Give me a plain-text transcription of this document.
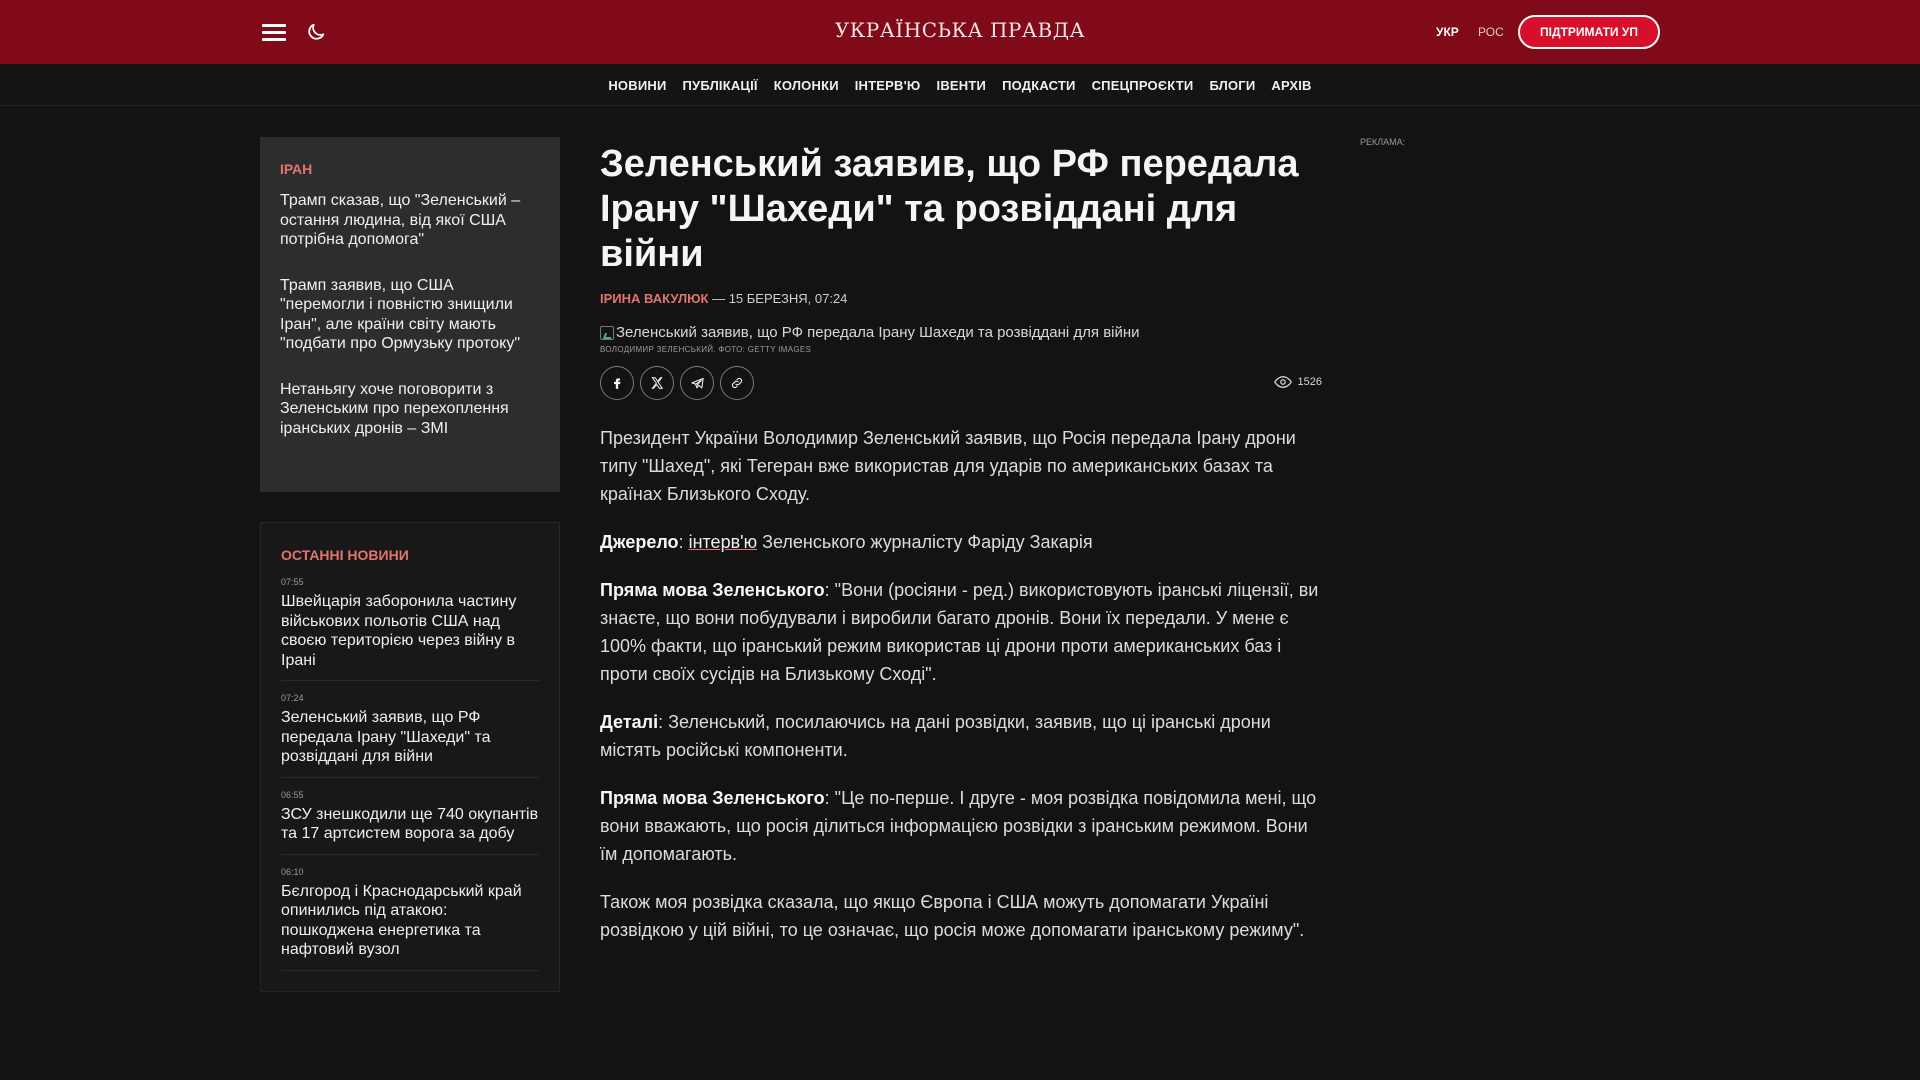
УКРАЇНСЬКА ПРАВДА	УКР РОС	ПІДТРИМАТИ УП
НОВИНИ ПУБЛІКАЦІЇ КОЛОНКИ ІНТЕРВ'Ю ІВЕНТИ ПОДКАСТИ СПЕЦПРОЄКТИ БЛОГИ АРХІВ
ІРАН
Трамп сказав, що "Зеленський – остання людина, від якої США потрібна допомога"
Трамп заявив, що США "перемогли і повністю знищили Іран", але країни світу мають "подбати про Ормузьку протоку"
Нетаньягу хоче поговорити з Зеленським про перехоплення іранських дронів – ЗМІ
ОСТАННІ НОВИНИ
07:55
Швейцарія заборонила частину військових польотів США над своєю територією через війну в Ірані
07:24
Зеленський заявив, що РФ передала Ірану "Шахеди" та розвiддані для війни
06:55
ЗСУ знешкодили ще 740 окупантів та 17 артсистем ворога за добу
06:10
Бєлгород і Краснодарський край опинились під атакою: пошкоджена енергетика та нафтовий вузол
Зеленський заявив, що РФ передала Ірану "Шахеди" та розвiддані для війни
ІРИНА ВАКУЛЮК — 15 БЕРЕЗНЯ, 07:24
Зеленський заявив, що РФ передала Ірану Шахеди та розвiддані для війни
ВОЛОДИМИР ЗЕЛЕНСЬКИЙ. ФОТО: GETTY IMAGES
1526

Президент України Володимир Зеленський заявив, що Росія передала Ірану дрони типу "Шахед", які Тегеран вже використав для ударів по американських базах та країнах Близького Сходу.

Джерело: інтерв'ю Зеленського журналісту Фаріду Закарія

Пряма мова Зеленського: "Вони (росіяни - ред.) використовують іранські ліцензії, ви знаєте, що вони побудували і виробили багато дронів. Вони їх передали. У мене є 100% факти, що іранський режим використав ці дрони проти американських баз і проти своїх сусідів на Близькому Сході".

Деталі: Зеленський, посилаючись на дані розвідки, заявив, що ці іранські дрони містять російські компоненти.

Пряма мова Зеленського: "Це по-перше. І друге - моя розвідка повідомила мені, що вони вважають, що росія ділиться інформацією розвідки з іранським режимом. Вони їм допомагають.

Також моя розвідка сказала, що якщо Європа і США можуть допомагати Україні розвідкою у цій війні, то це означає, що росія може допомагати іранському режиму".

РЕКЛАМА:
